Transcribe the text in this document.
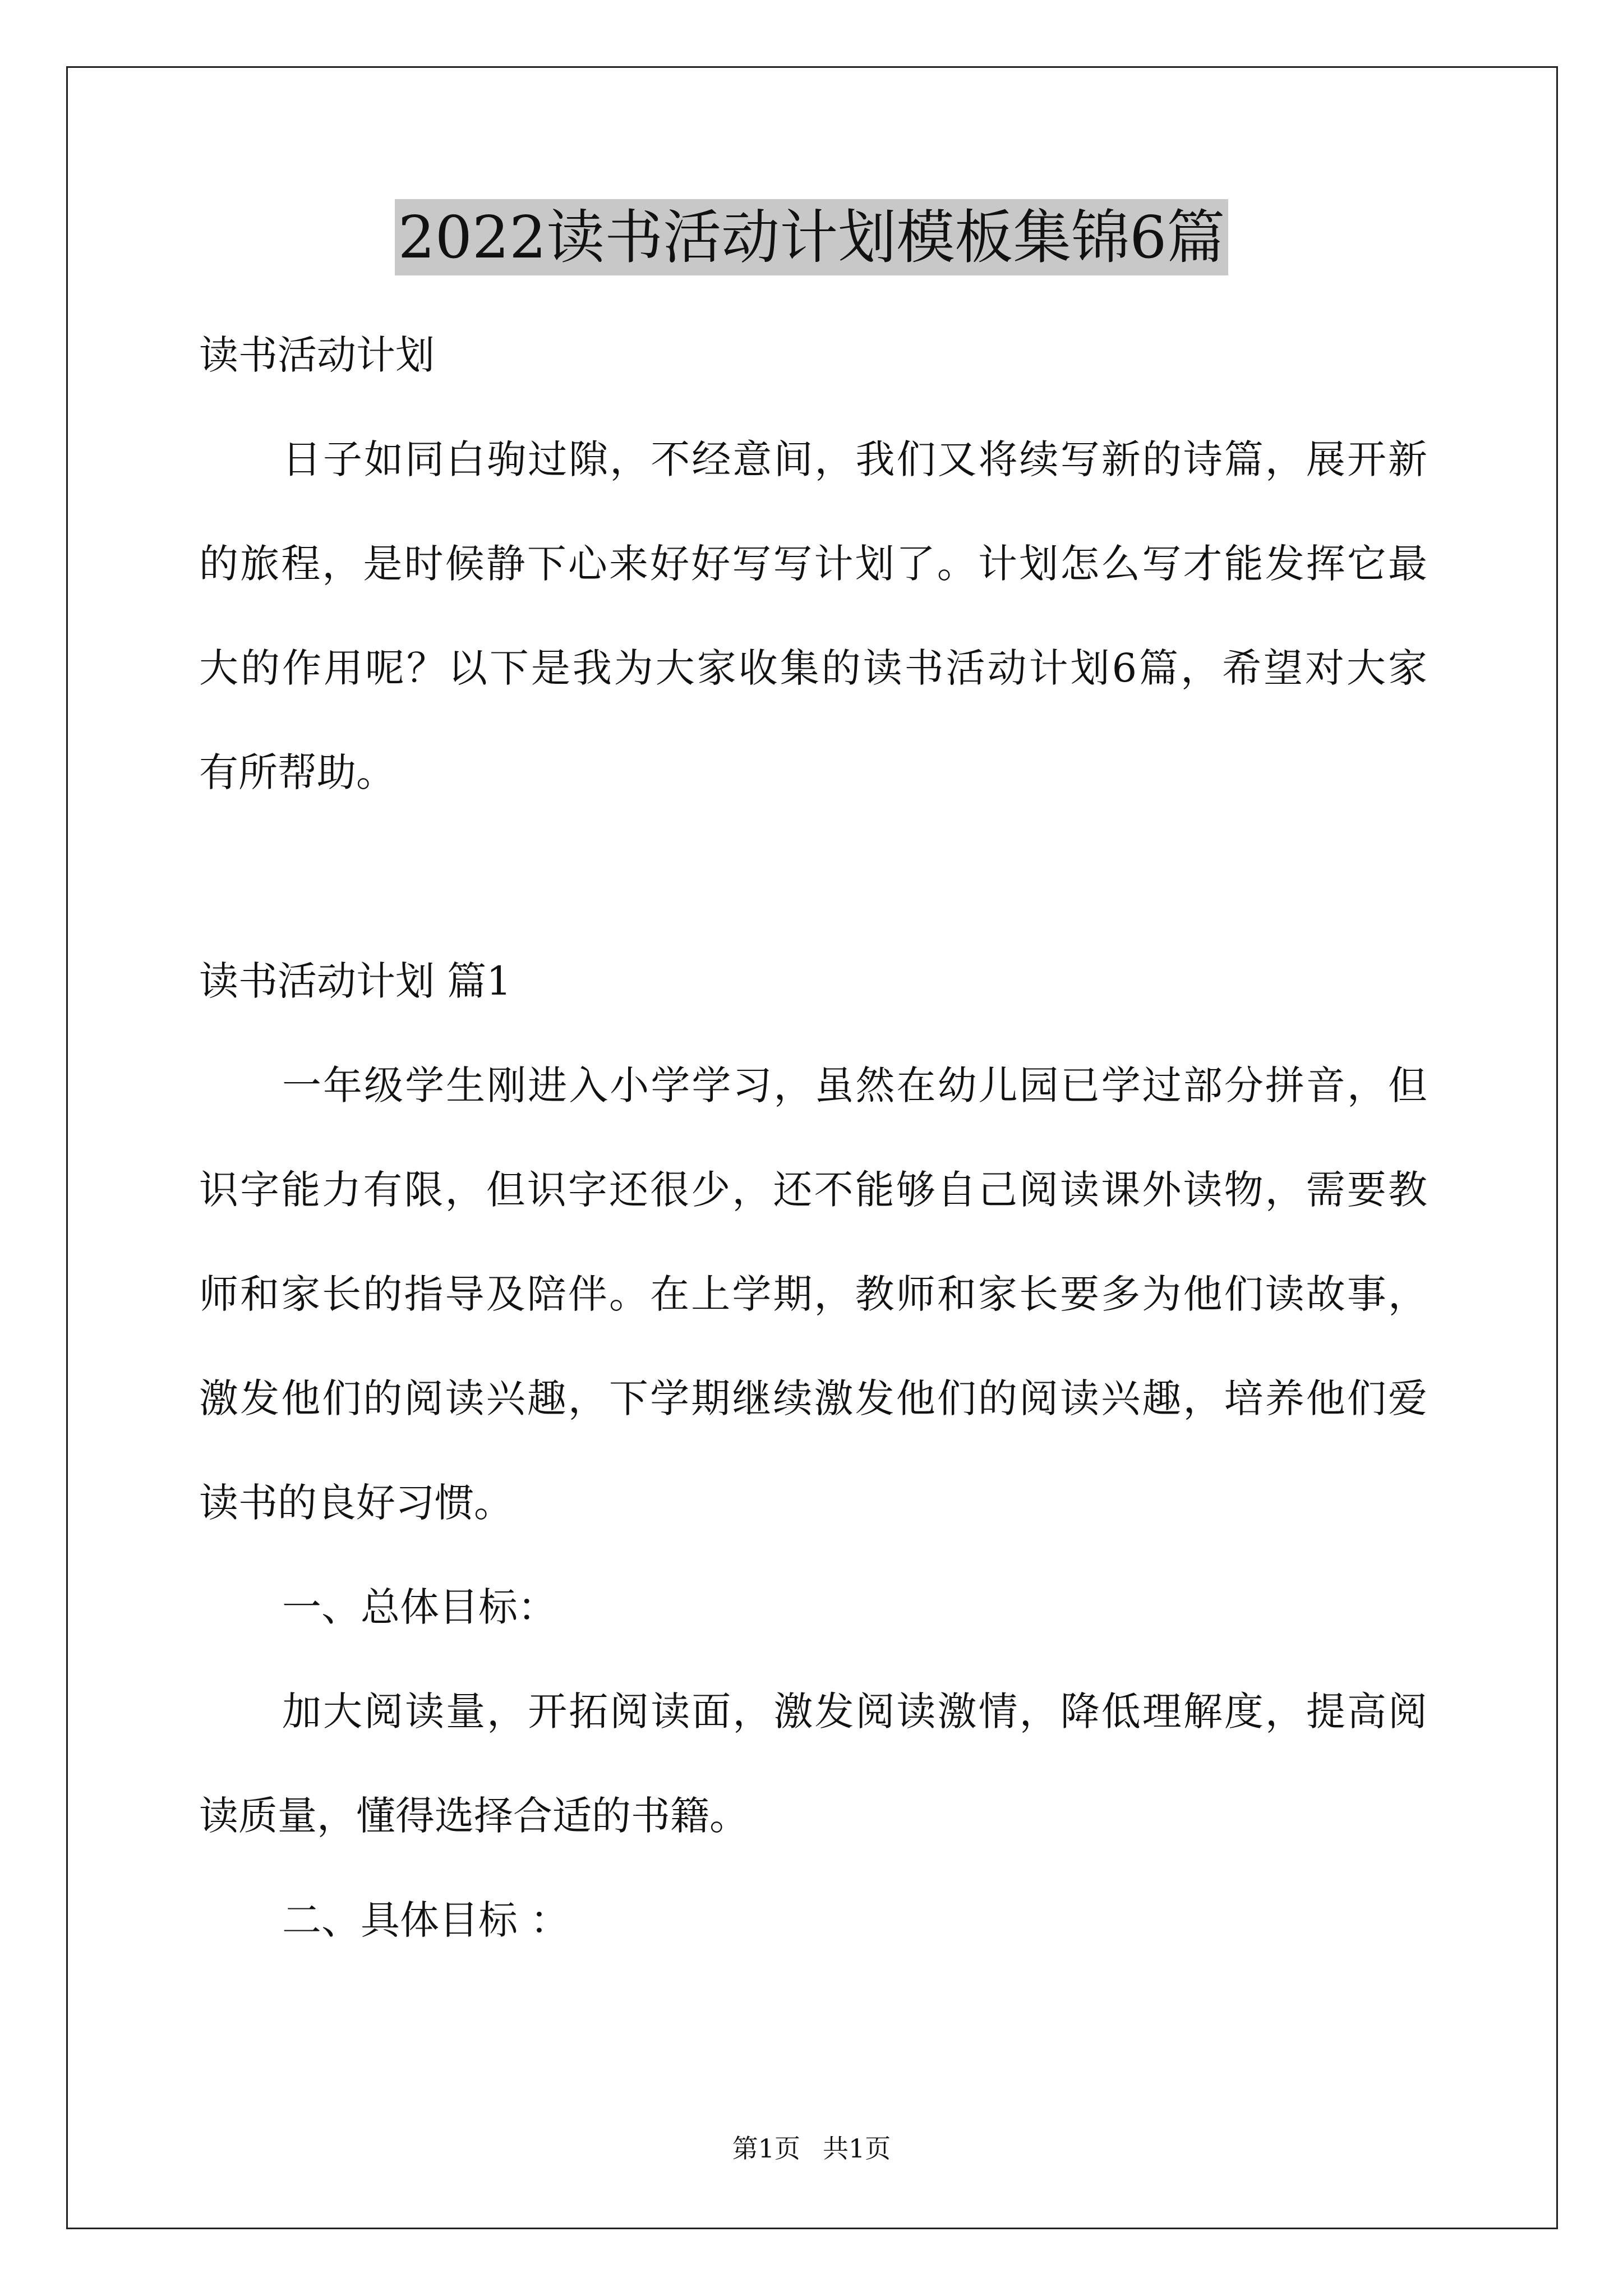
2022读书活动计划模板集锦6篇
读书活动计划
日子如同白驹过隙，不经意间，我们又将续写新的诗篇，展开新
的旅程，是时候静下心来好好写写计划了。计划怎么写才能发挥它最
大的作用呢？以下是我为大家收集的读书活动计划6篇，希望对大家
有所帮助。
读书活动计划 篇1
一年级学生刚进入小学学习，虽然在幼儿园已学过部分拼音，但
识字能力有限，但识字还很少，还不能够自己阅读课外读物，需要教
师和家长的指导及陪伴。在上学期，教师和家长要多为他们读故事，
激发他们的阅读兴趣，下学期继续激发他们的阅读兴趣，培养他们爱
读书的良好习惯。
一、总体目标：
加大阅读量，开拓阅读面，激发阅读激情，降低理解度，提高阅
读质量，懂得选择合适的书籍。
二、具体目标 ：
第1页 共1页
